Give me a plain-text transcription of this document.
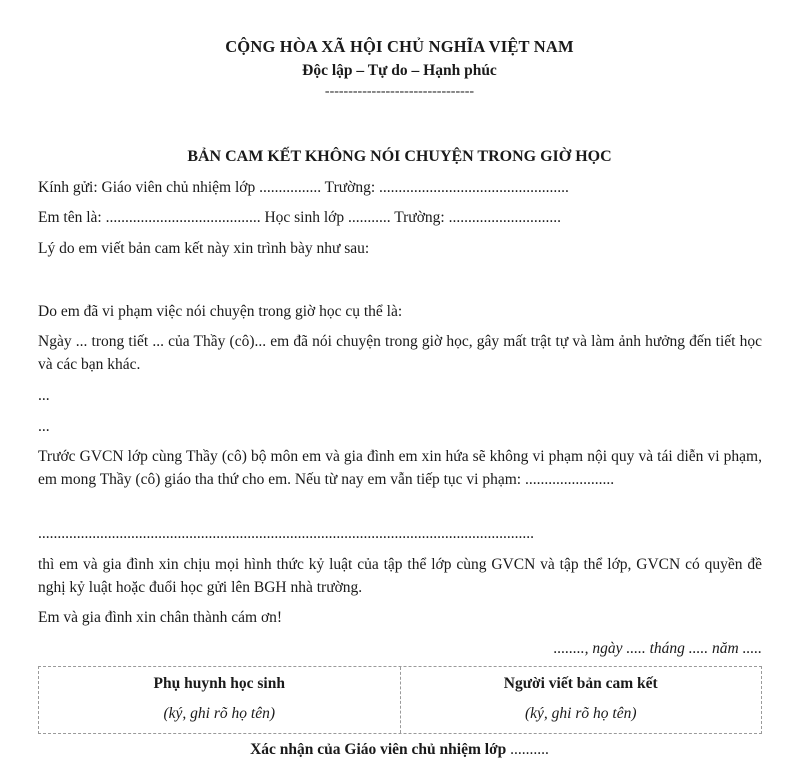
CỘNG HÒA XÃ HỘI CHỦ NGHĨA VIỆT NAM

Độc lập – Tự do – Hạnh phúc

--------------------------------

BẢN CAM KẾT KHÔNG NÓI CHUYỆN TRONG GIỜ HỌC

Kính gửi: Giáo viên chủ nhiệm lớp ................ Trường: .................................................

Em tên là: ........................................ Học sinh lớp ........... Trường: .............................

Lý do em viết bản cam kết này xin trình bày như sau:

Do em đã vi phạm việc nói chuyện trong giờ học cụ thể là:

Ngày ... trong tiết ... của Thầy (cô)... em đã nói chuyện trong giờ học, gây mất trật tự và làm ảnh hưởng đến tiết học và các bạn khác.

...

...

Trước GVCN lớp cùng Thầy (cô) bộ môn em và gia đình em xin hứa sẽ không vi phạm nội quy và tái diễn vi phạm, em mong Thầy (cô) giáo tha thứ cho em. Nếu từ nay em vẫn tiếp tục vi phạm: .......................

................................................................................................................................

thì em và gia đình xin chịu mọi hình thức kỷ luật của tập thể lớp cùng GVCN và tập thể lớp, GVCN có quyền đề nghị kỷ luật hoặc đuổi học gửi lên BGH nhà trường.

Em và gia đình xin chân thành cám ơn!

........, ngày ..... tháng ..... năm .....

Phụ huynh học sinh
(ký, ghi rõ họ tên)
Người viết bản cam kết
(ký, ghi rõ họ tên)

Xác nhận của Giáo viên chủ nhiệm lớp ..........
